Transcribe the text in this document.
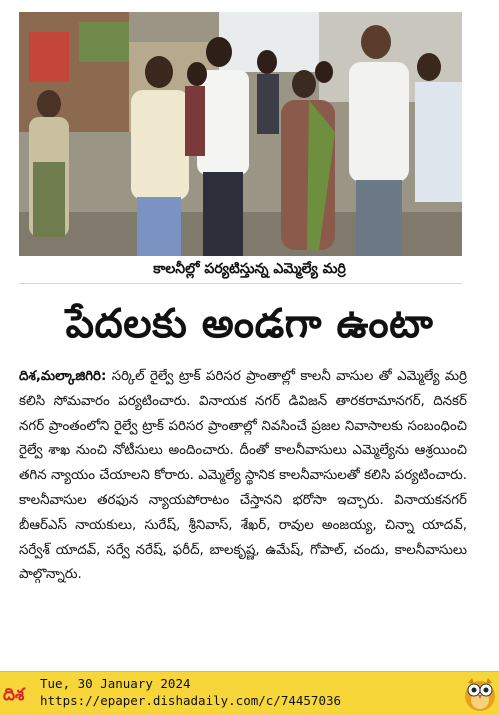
కాలనీల్లో పర్యటిస్తున్న ఎమ్మెల్యే మర్రి
పేదలకు అండగా ఉంటా

దిశ,మల్కాజిగిరి: సర్కిల్ రైల్వే ట్రాక్ పరిసర ప్రాంతాల్లో కాలనీ వాసుల తో ఎమ్మెల్యే మర్రి కలిసి సోమవారం పర్యటించారు. వినాయక నగర్ డివిజన్ తారకరామానగర్, దినకర్ నగర్ ప్రాంతంలోని రైల్వే ట్రాక్ పరిసర ప్రాంతాల్లో నివసించే ప్రజల నివాసాలకు సంబంధించి రైల్వే శాఖ నుంచి నోటీసులు అందించారు. దీంతో కాలనీవాసులు ఎమ్మెల్యేను ఆశ్రయించి తగిన న్యాయం చేయాలని కోరారు. ఎమ్మెల్యే స్థానిక కాలనీవాసులతో కలిసి పర్యటించారు. కాలనీవాసుల తరఫున న్యాయపోరాటం చేస్తానని భరోసా ఇచ్చారు. వినాయకనగర్ బీఆర్ఎస్ నాయకులు, సురేష్, శ్రీనివాస్, శేఖర్, రావుల అంజయ్య, చిన్నా యాదవ్, సర్వేశ్ యాదవ్, సర్వే నరేష్, ఫరీద్, బాలకృష్ణ, ఉమేష్, గోపాల్, చందు, కాలనీవాసులు పాల్గొన్నారు.

దిశ
Tue, 30 January 2024
https://epaper.dishadaily.com/c/74457036
